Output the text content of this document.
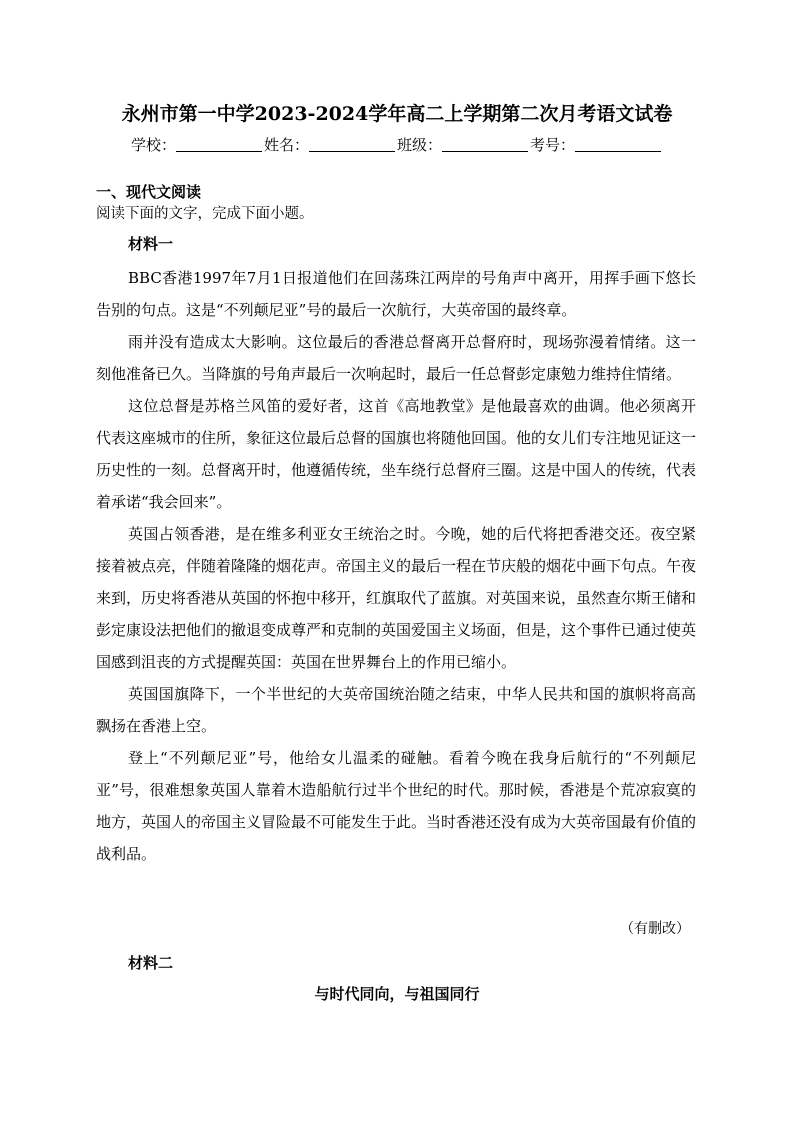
永州市第一中学2023-2024学年高二上学期第二次月考语文试卷
学校：	姓名：	班级：	考号：
一、现代文阅读
阅读下面的文字，完成下面小题。
材料一

BBC香港1997年7月1日报道他们在回荡珠江两岸的号角声中离开，用挥手画下悠长告别的句点。这是“不列颠尼亚”号的最后一次航行，大英帝国的最终章。

雨并没有造成太大影响。这位最后的香港总督离开总督府时，现场弥漫着情绪。这一刻他准备已久。当降旗的号角声最后一次响起时，最后一任总督彭定康勉力维持住情绪。

这位总督是苏格兰风笛的爱好者，这首《高地教堂》是他最喜欢的曲调。他必须离开代表这座城市的住所，象征这位最后总督的国旗也将随他回国。他的女儿们专注地见证这一历史性的一刻。总督离开时，他遵循传统，坐车绕行总督府三圈。这是中国人的传统，代表着承诺“我会回来”。

英国占领香港，是在维多利亚女王统治之时。今晚，她的后代将把香港交还。夜空紧接着被点亮，伴随着隆隆的烟花声。帝国主义的最后一程在节庆般的烟花中画下句点。午夜来到，历史将香港从英国的怀抱中移开，红旗取代了蓝旗。对英国来说，虽然查尔斯王储和彭定康设法把他们的撤退变成尊严和克制的英国爱国主义场面，但是，这个事件已通过使英国感到沮丧的方式提醒英国：英国在世界舞台上的作用已缩小。

英国国旗降下，一个半世纪的大英帝国统治随之结束，中华人民共和国的旗帜将高高飘扬在香港上空。

登上“不列颠尼亚”号，他给女儿温柔的碰触。看着今晚在我身后航行的“不列颠尼亚”号，很难想象英国人靠着木造船航行过半个世纪的时代。那时候，香港是个荒凉寂寞的地方，英国人的帝国主义冒险最不可能发生于此。当时香港还没有成为大英帝国最有价值的战利品。

（有删改）
材料二
与时代同向，与祖国同行
